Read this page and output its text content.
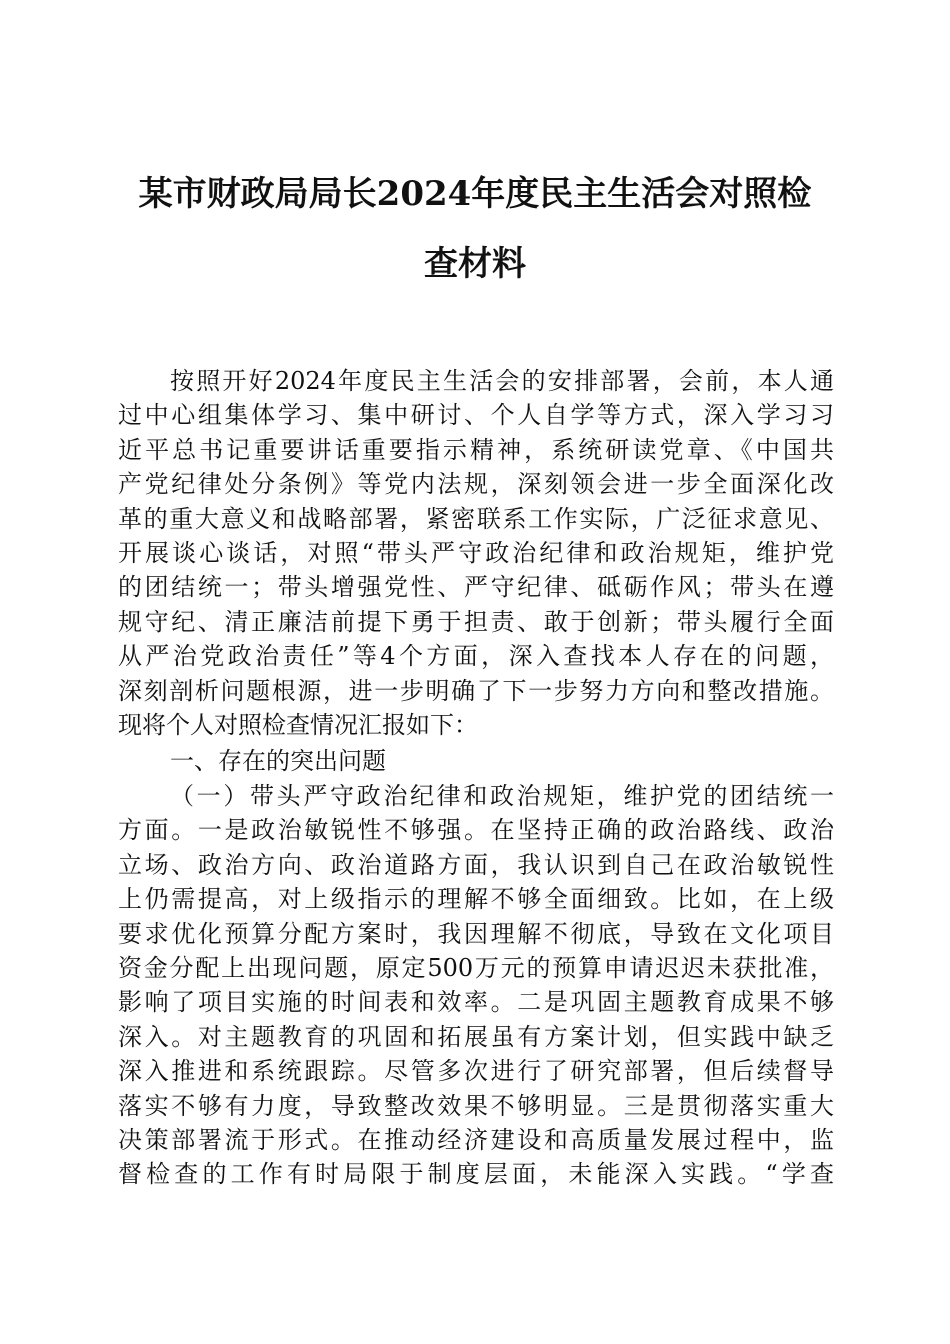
某市财政局局长2024年度民主生活会对照检
查材料
按照开好2024年度民主生活会的安排部署，会前，本人通
过中心组集体学习、集中研讨、个人自学等方式，深入学习习
近平总书记重要讲话重要指示精神，系统研读党章、《中国共
产党纪律处分条例》等党内法规，深刻领会进一步全面深化改
革的重大意义和战略部署，紧密联系工作实际，广泛征求意见、
开展谈心谈话，对照“带头严守政治纪律和政治规矩，维护党
的团结统一；带头增强党性、严守纪律、砥砺作风；带头在遵
规守纪、清正廉洁前提下勇于担责、敢于创新；带头履行全面
从严治党政治责任”等4个方面，深入查找本人存在的问题，
深刻剖析问题根源，进一步明确了下一步努力方向和整改措施。
现将个人对照检查情况汇报如下：
一、存在的突出问题
（一）带头严守政治纪律和政治规矩，维护党的团结统一
方面。一是政治敏锐性不够强。在坚持正确的政治路线、政治
立场、政治方向、政治道路方面，我认识到自己在政治敏锐性
上仍需提高，对上级指示的理解不够全面细致。比如，在上级
要求优化预算分配方案时，我因理解不彻底，导致在文化项目
资金分配上出现问题，原定500万元的预算申请迟迟未获批准，
影响了项目实施的时间表和效率。二是巩固主题教育成果不够
深入。对主题教育的巩固和拓展虽有方案计划，但实践中缺乏
深入推进和系统跟踪。尽管多次进行了研究部署，但后续督导
落实不够有力度，导致整改效果不够明显。三是贯彻落实重大
决策部署流于形式。在推动经济建设和高质量发展过程中，监
督检查的工作有时局限于制度层面，未能深入实践。“学查
